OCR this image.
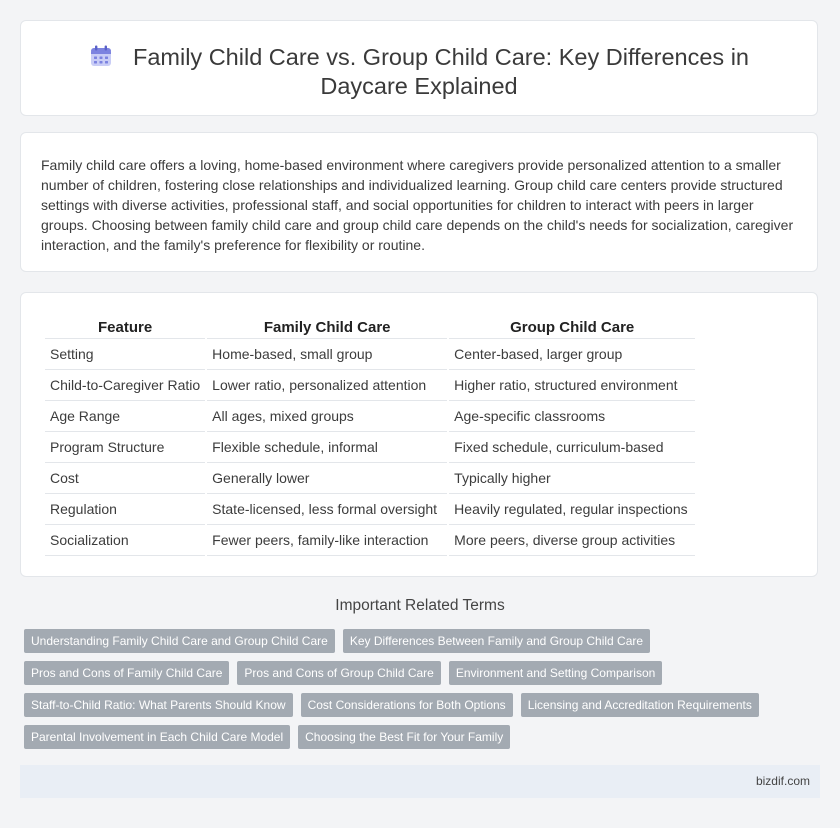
Family Child Care vs. Group Child Care: Key Differences in Daycare Explained
Family child care offers a loving, home-based environment where caregivers provide personalized attention to a smaller number of children, fostering close relationships and individualized learning. Group child care centers provide structured settings with diverse activities, professional staff, and social opportunities for children to interact with peers in larger groups. Choosing between family child care and group child care depends on the child's needs for socialization, caregiver interaction, and the family's preference for flexibility or routine.
Feature	Family Child Care	Group Child Care
Setting	Home-based, small group	Center-based, larger group
Child-to-Caregiver Ratio	Lower ratio, personalized attention	Higher ratio, structured environment
Age Range	All ages, mixed groups	Age-specific classrooms
Program Structure	Flexible schedule, informal	Fixed schedule, curriculum-based
Cost	Generally lower	Typically higher
Regulation	State-licensed, less formal oversight	Heavily regulated, regular inspections
Socialization	Fewer peers, family-like interaction	More peers, diverse group activities
Important Related Terms
Understanding Family Child Care and Group Child Care	Key Differences Between Family and Group Child Care
Pros and Cons of Family Child Care	Pros and Cons of Group Child Care	Environment and Setting Comparison
Staff-to-Child Ratio: What Parents Should Know	Cost Considerations for Both Options	Licensing and Accreditation Requirements
Parental Involvement in Each Child Care Model	Choosing the Best Fit for Your Family
bizdif.com
